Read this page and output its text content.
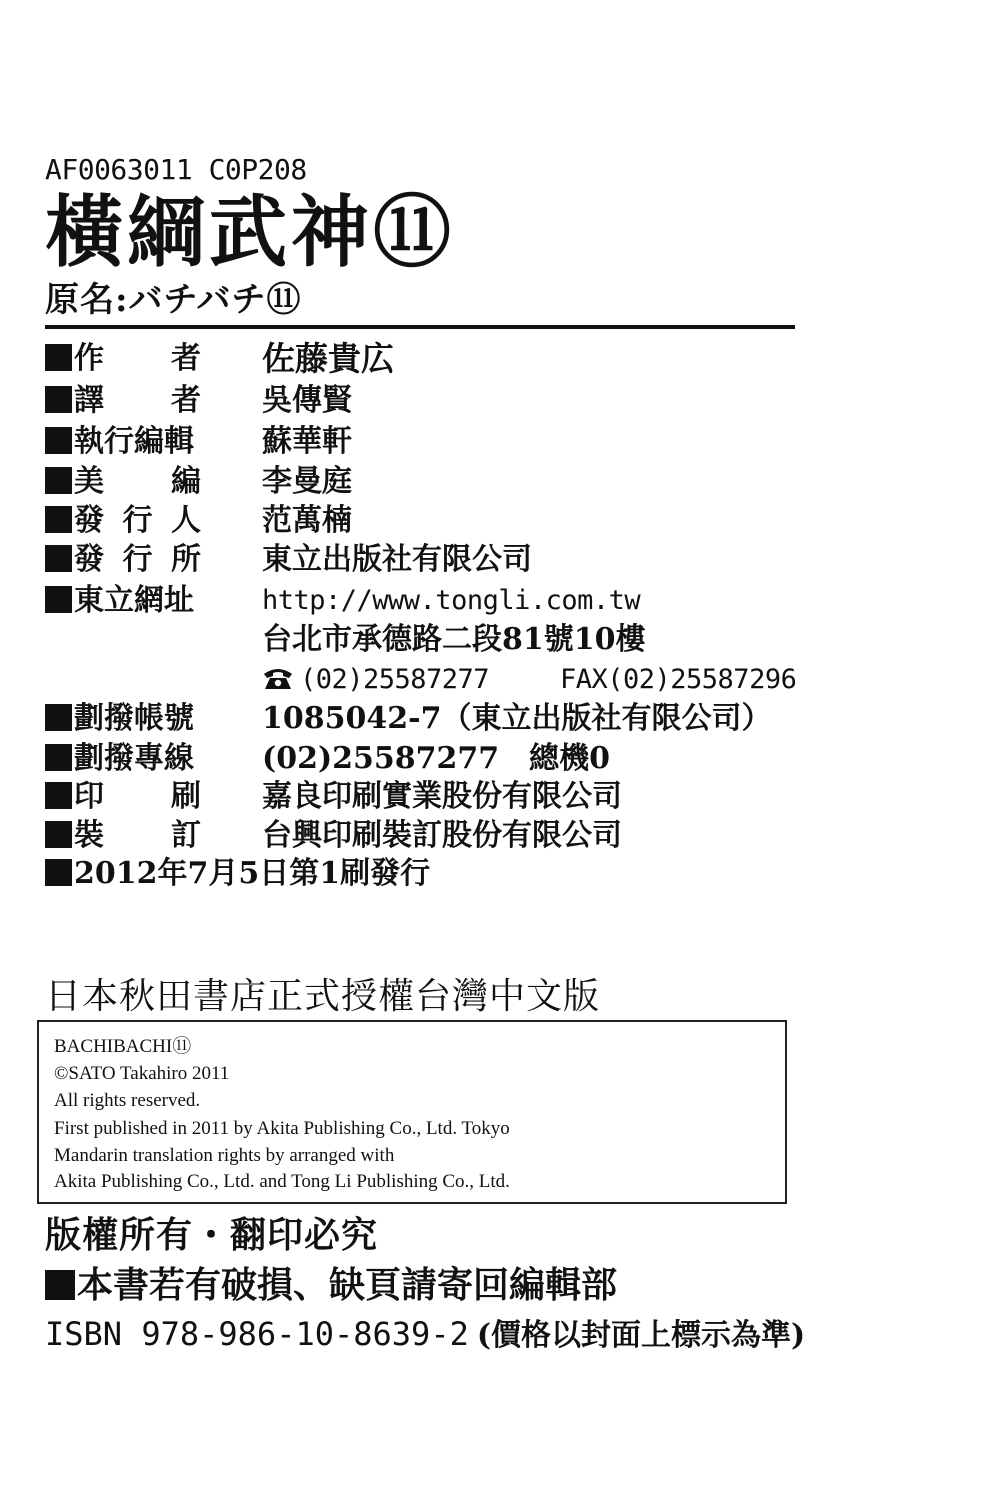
AF0063011 C0P208
橫綱武神⑪
原名:バチバチ⑪
作　　者	佐藤貴広
譯　　者	吳傳賢
執行編輯	蘇華軒
美　　編	李曼庭
發 行 人	范萬楠
發 行 所	東立出版社有限公司
東立網址	http://www.tongli.com.tw
台北市承德路二段81號10樓
(02)25587277	FAX(02)25587296
劃撥帳號	1085042-7（東立出版社有限公司）
劃撥專線	(02)25587277　總機0
印　　刷	嘉良印刷實業股份有限公司
裝　　訂	台興印刷裝訂股份有限公司
2012年7月5日第1刷發行
日本秋田書店正式授權台灣中文版
BACHIBACHI⑪
©SATO Takahiro 2011
All rights reserved.
First published in 2011 by Akita Publishing Co., Ltd. Tokyo
Mandarin translation rights by arranged with
Akita Publishing Co., Ltd. and Tong Li Publishing Co., Ltd.
版權所有・翻印必究
本書若有破損、缺頁請寄回編輯部
ISBN 978-986-10-8639-2 (價格以封面上標示為準)
